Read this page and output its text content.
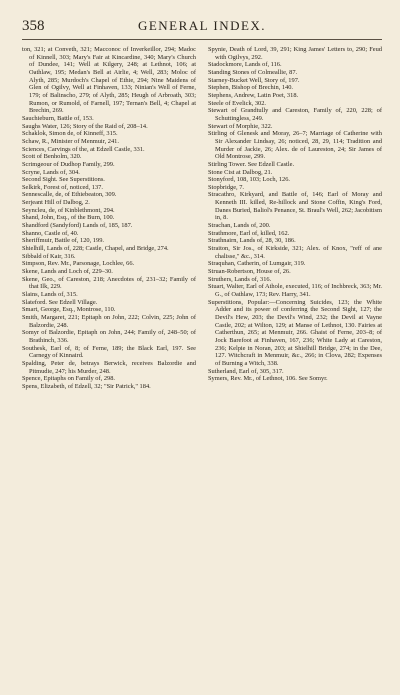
358	GENERAL INDEX.
ton, 321; at Conveth, 321; Macconoc of Inverkeillor, 294; Madoc of Kinnell, 303; Mary's Fair at Kincardine, 340; Mary's Church of Dundee, 141; Well at Kilgery, 248; at Lethnot, 106; at Oathlaw, 195; Medan's Bell at Airlie, 4; Well, 283; Moloc of Alyth, 285; Murdoch's Chapel of Ethie, 294; Nine Maidens of Glen of Ogilvy, Well at Finhaven, 133; Ninian's Well of Ferne, 179; of Balinscho, 279; of Alyth, 285; Heugh of Arbroath, 303; Rumon, or Rumold, of Farnell, 197; Ternan's Bell, 4; Chapel at Brechin, 269.
Sauchieburn, Battle of, 153.
Saughs Water, 126; Story of the Raid of, 208–14.
Schaklok, Simon de, of Kinneff, 315.
Schaw, R., Minister of Menmuir, 241.
Sciences, Carvings of the, at Edzell Castle, 331.
Scott of Benholm, 320.
Scrimgeour of Dudhop Family, 299.
Scryne, Lands of, 304.
Second Sight. See Superstitions.
Selkirk, Forest of, noticed, 137.
Sennescalle, de, of Ethiebeaton, 309.
Serjeant Hill of Dalbog, 2.
Seyncleu, de, of Kinblethmont, 294.
Shand, John, Esq., of the Burn, 100.
Shandford (Sandyford) Lands of, 185, 187.
Shanno, Castle of, 40.
Sheriffmuir, Battle of, 120, 199.
Shielhill, Lands of, 228; Castle, Chapel, and Bridge, 274.
Sibbald of Kair, 316.
Simpson, Rev. Mr., Parsonage, Lochlee, 66.
Skene, Lands and Loch of, 229–30.
Skene, Geo., of Careston, 218; Anecdotes of, 231–32; Family of that Ilk, 229.
Slains, Lands of, 315.
Slateford. See Edzell Village.
Smart, George, Esq., Montrose, 110.
Smith, Margaret, 221; Epitaph on John, 222; Colvin, 225; John of Balzordie, 248.
Somyr of Balzordie, Epitaph on John, 244; Family of, 248–50; of Brathinch, 336.
Southesk, Earl of, 8; of Ferne, 189; the Black Earl, 197. See Carnegy of Kinnaird.
Spalding, Peter de, betrays Berwick, receives Balzordie and Pitmudie, 247; his Murder, 248.
Spence, Epitaphs on Family of, 298.
Spens, Elizabeth, of Edzell, 32; "Sir Patrick," 184.
Spynie, Death of Lord, 39, 291; King James' Letters to, 290; Feud with Ogilvys, 292.
Stadockmore, Lands of, 116.
Standing Stones of Colmeallie, 87.
Starney-Bucket Well, Story of, 197.
Stephen, Bishop of Brechin, 140.
Stephens, Andrew, Latin Poet, 318.
Steele of Evelick, 302.
Stewart of Grandtully and Careston, Family of, 220, 228; of Schuttingless, 249.
Stewart of Morphie, 322.
Stirling of Glenesk and Moray, 26–7; Marriage of Catherine with Sir Alexander Lindsay, 26; noticed, 28, 29, 114; Tradition and Murder of Jackie, 26; Alex. de of Laureston, 24; Sir James of Old Montrose, 299.
Stirling Tower. See Edzell Castle.
Stone Cist at Dalbog, 21.
Stonyford, 108, 103; Loch, 126.
Stopbridge, 7.
Stracathro, Kirkyard, and Battle of, 146; Earl of Moray and Kenneth III. killed, Re-hillock and Stone Coffin, King's Ford, Danes Buried, Baliol's Penance, St. Braul's Well, 262; Jacobitism in, 8.
Strachan, Lands of, 200.
Strathmore, Earl of, killed, 162.
Strathnairn, Lands of, 28, 30, 186.
Straiton, Sir Jos., of Kirkside, 321; Alex. of Knox, "reff of ane chalisse," &c., 314.
Straquhan, Catherin, of Lumgair, 319.
Struan-Robertson, House of, 26.
Struthers, Lands of, 316.
Stuart, Walter, Earl of Athole, executed, 116; of Inchbreck, 363; Mr. G., of Oathlaw, 173; Rev. Harry, 341.
Superstitions, Popular:—Concerning Suicides, 123; the White Adder and its power of conferring the Second Sight, 127; the Devil's Hew, 203; the Devil's Wind, 232; the Devil at Vayne Castle, 202; at Wilton, 129; at Manse of Lethnot, 130. Fairies at Catherthun, 265; at Menmuir, 266. Ghaist of Ferne, 203–8; of Jock Barefoot at Finhaven, 167, 236; White Lady at Careston, 236; Kelpie in Noran, 203; at Shielhill Bridge, 274; in the Dee, 127. Witchcraft in Menmuir, &c., 266; in Clova, 282; Expenses of Burning a Witch, 338.
Sutherland, Earl of, 305, 317.
Symers, Rev. Mr., of Lethnot, 106. See Somyr.
